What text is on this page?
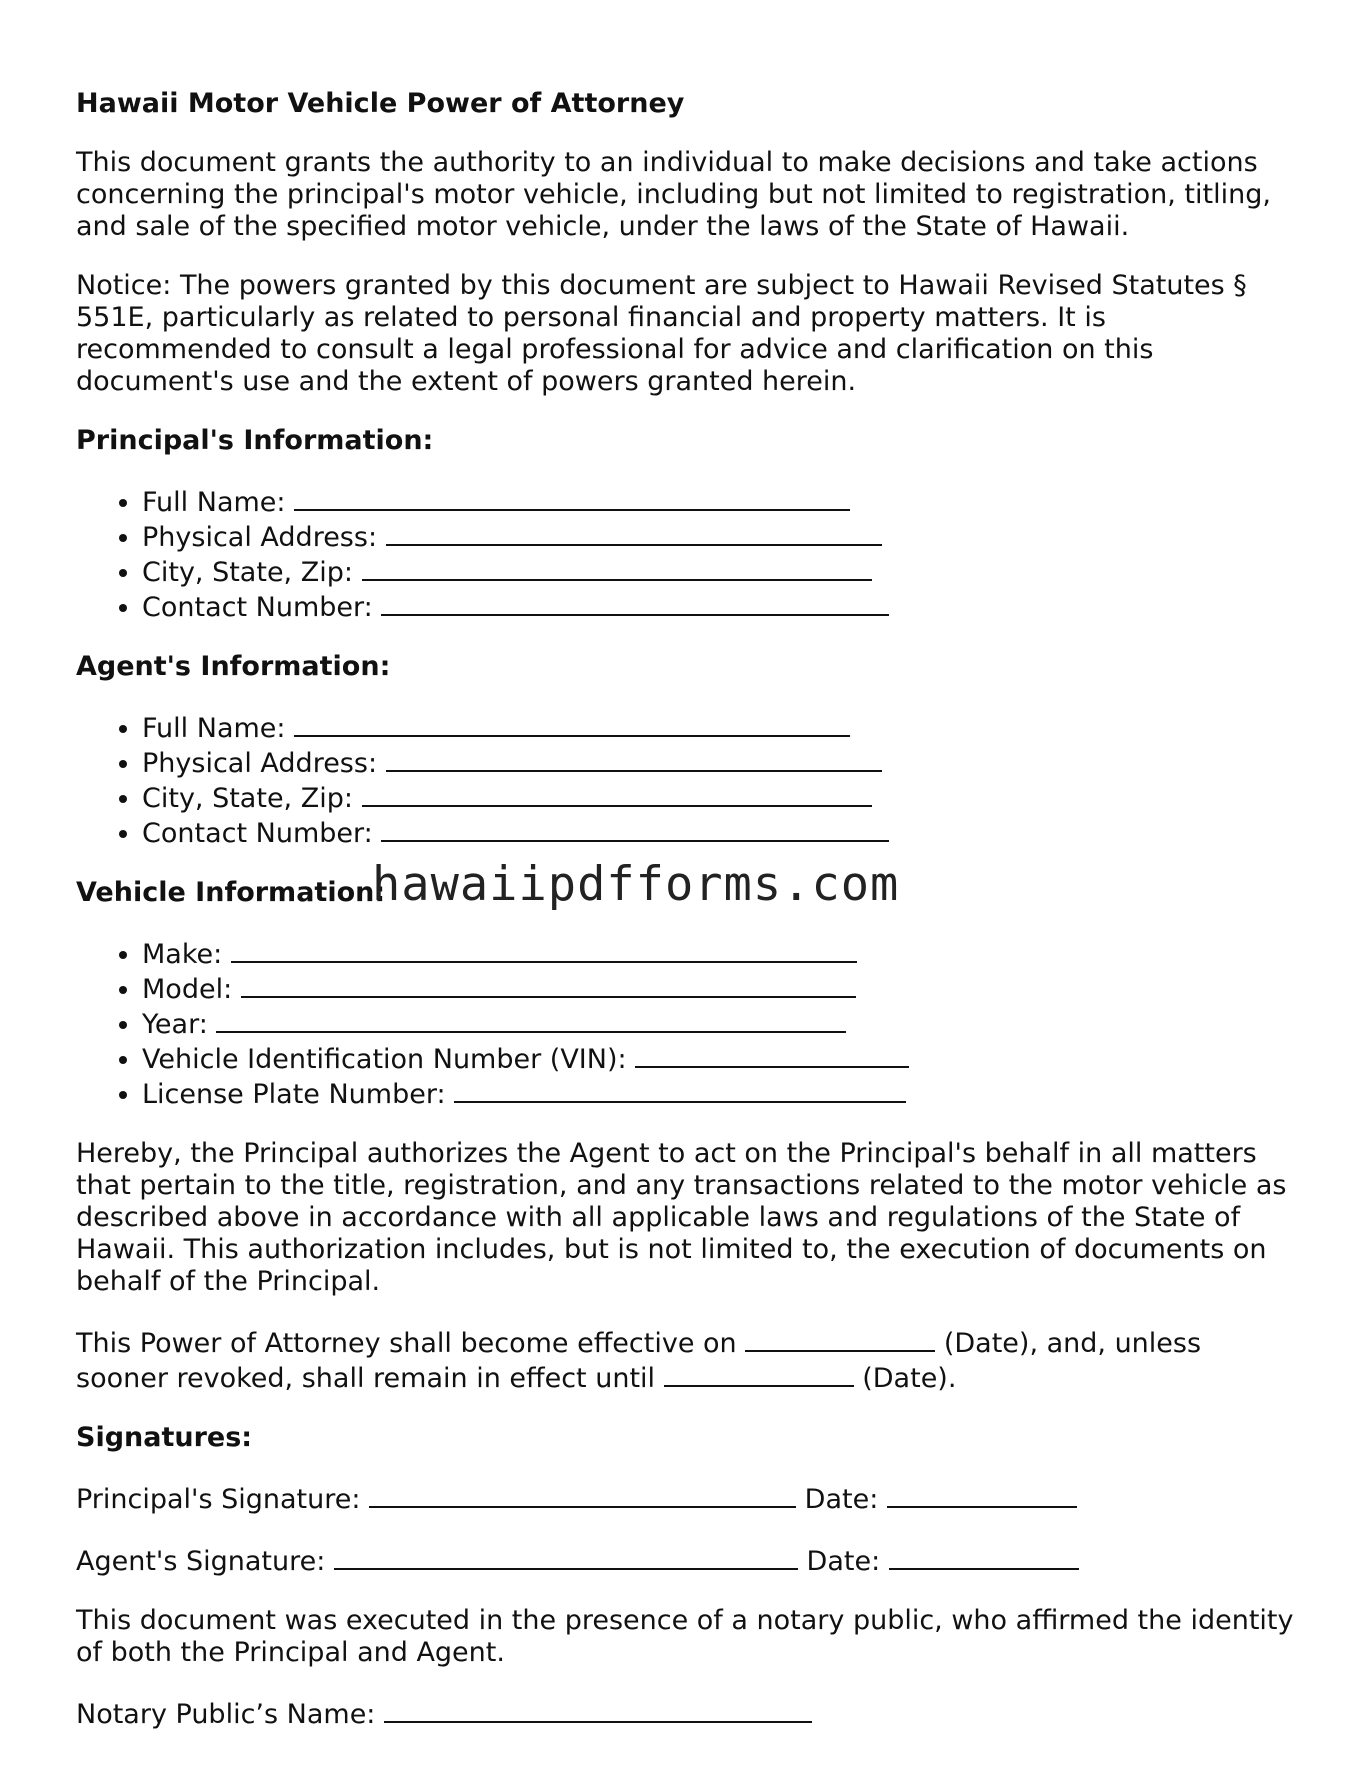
Hawaii Motor Vehicle Power of Attorney

This document grants the authority to an individual to make decisions and take actions concerning the principal's motor vehicle, including but not limited to registration, titling, and sale of the specified motor vehicle, under the laws of the State of Hawaii.

Notice: The powers granted by this document are subject to Hawaii Revised Statutes § 551E, particularly as related to personal financial and property matters. It is recommended to consult a legal professional for advice and clarification on this document's use and the extent of powers granted herein.

Principal's Information:
• Full Name:
• Physical Address:
• City, State, Zip:
• Contact Number:
Agent's Information:
• Full Name:
• Physical Address:
• City, State, Zip:
• Contact Number:
Vehicle Information:
• Make:
• Model:
• Year:
• Vehicle Identification Number (VIN):
• License Plate Number:

Hereby, the Principal authorizes the Agent to act on the Principal's behalf in all matters that pertain to the title, registration, and any transactions related to the motor vehicle as described above in accordance with all applicable laws and regulations of the State of Hawaii. This authorization includes, but is not limited to, the execution of documents on behalf of the Principal.

This Power of Attorney shall become effective on	(Date), and, unless sooner revoked, shall remain in effect until	(Date).

Signatures:

Principal's Signature:	Date:

Agent's Signature:	Date:

This document was executed in the presence of a notary public, who affirmed the identity of both the Principal and Agent.

Notary Public’s Name:

hawaiipdfforms.com
